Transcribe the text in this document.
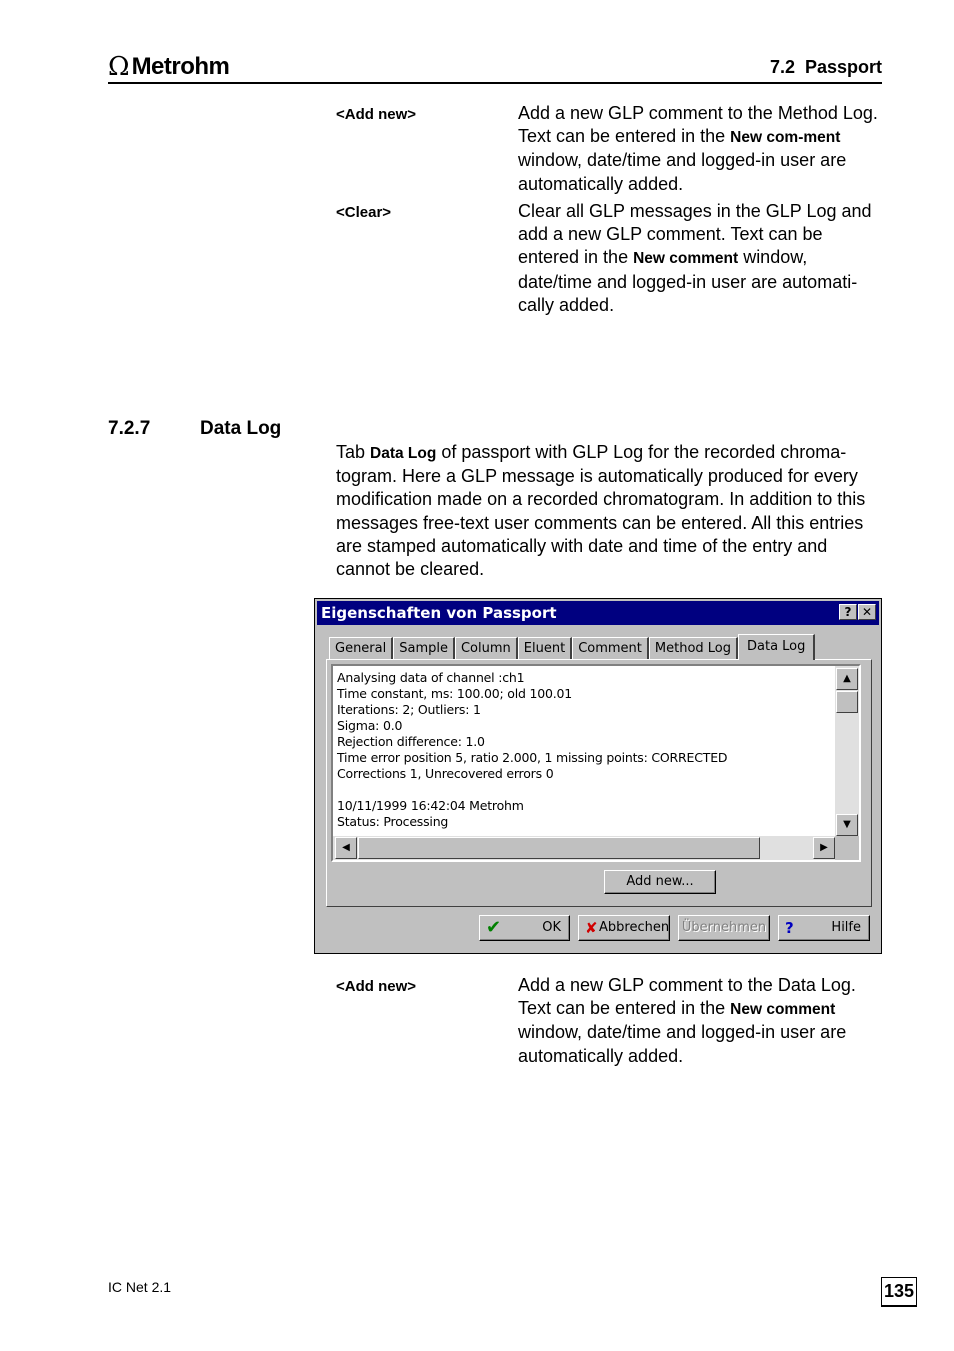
Ω Metrohm	7.2  Passport
<Add new>	Add a new GLP comment to the Method Log. Text can be entered in the New com-ment window, date/time and logged-in user are automatically added.
<Clear>	Clear all GLP messages in the GLP Log and add a new GLP comment. Text can be entered in the New comment window, date/time and logged-in user are automati-cally added.
7.2.7	Data Log
Tab Data Log of passport with GLP Log for the recorded chroma-togram. Here a GLP message is automatically produced for every modification made on a recorded chromatogram. In addition to this messages free-text user comments can be entered. All this entries are stamped automatically with date and time of the entry and cannot be cleared.
Eigenschaften von Passport	? ✕
General	Sample	Column	Eluent	Comment	Method Log	Data Log
Analysing data of channel :ch1
Time constant, ms: 100.00; old 100.01
Iterations: 2; Outliers: 1
Sigma: 0.0
Rejection difference: 1.0
Time error position 5, ratio 2.000, 1 missing points: CORRECTED
Corrections 1, Unrecovered errors 0

10/11/1999 16:42:04 Metrohm
Status: Processing
▲
▼
◀	▶
Add new...
✔	OK ✘ Abbrechen Übernehmen ?	Hilfe
<Add new>	Add a new GLP comment to the Data Log. Text can be entered in the New comment window, date/time and logged-in user are automatically added.
IC Net 2.1	135
